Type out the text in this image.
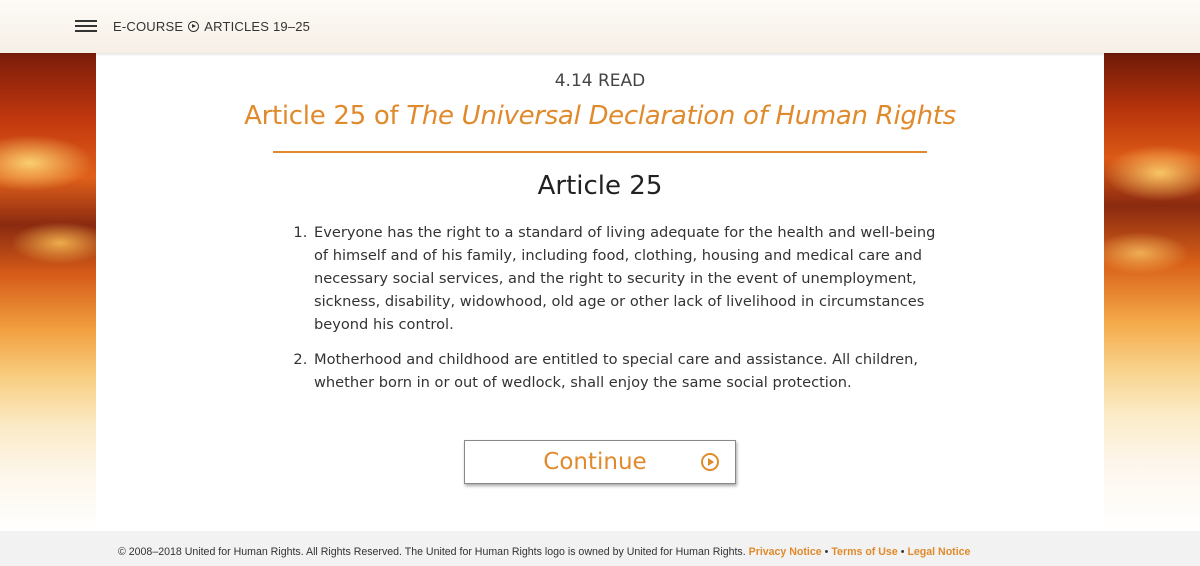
E-COURSE ARTICLES 19–25
4.14 READ
Article 25 of The Universal Declaration of Human Rights
Article 25
1. Everyone has the right to a standard of living adequate for the health and well-being of himself and of his family, including food, clothing, housing and medical care and necessary social services, and the right to security in the event of unemployment, sickness, disability, widowhood, old age or other lack of livelihood in circumstances beyond his control.
2. Motherhood and childhood are entitled to special care and assistance. All children, whether born in or out of wedlock, shall enjoy the same social protection.
Continue
© 2008–2018 United for Human Rights. All Rights Reserved. The United for Human Rights logo is owned by United for Human Rights. Privacy Notice • Terms of Use • Legal Notice
